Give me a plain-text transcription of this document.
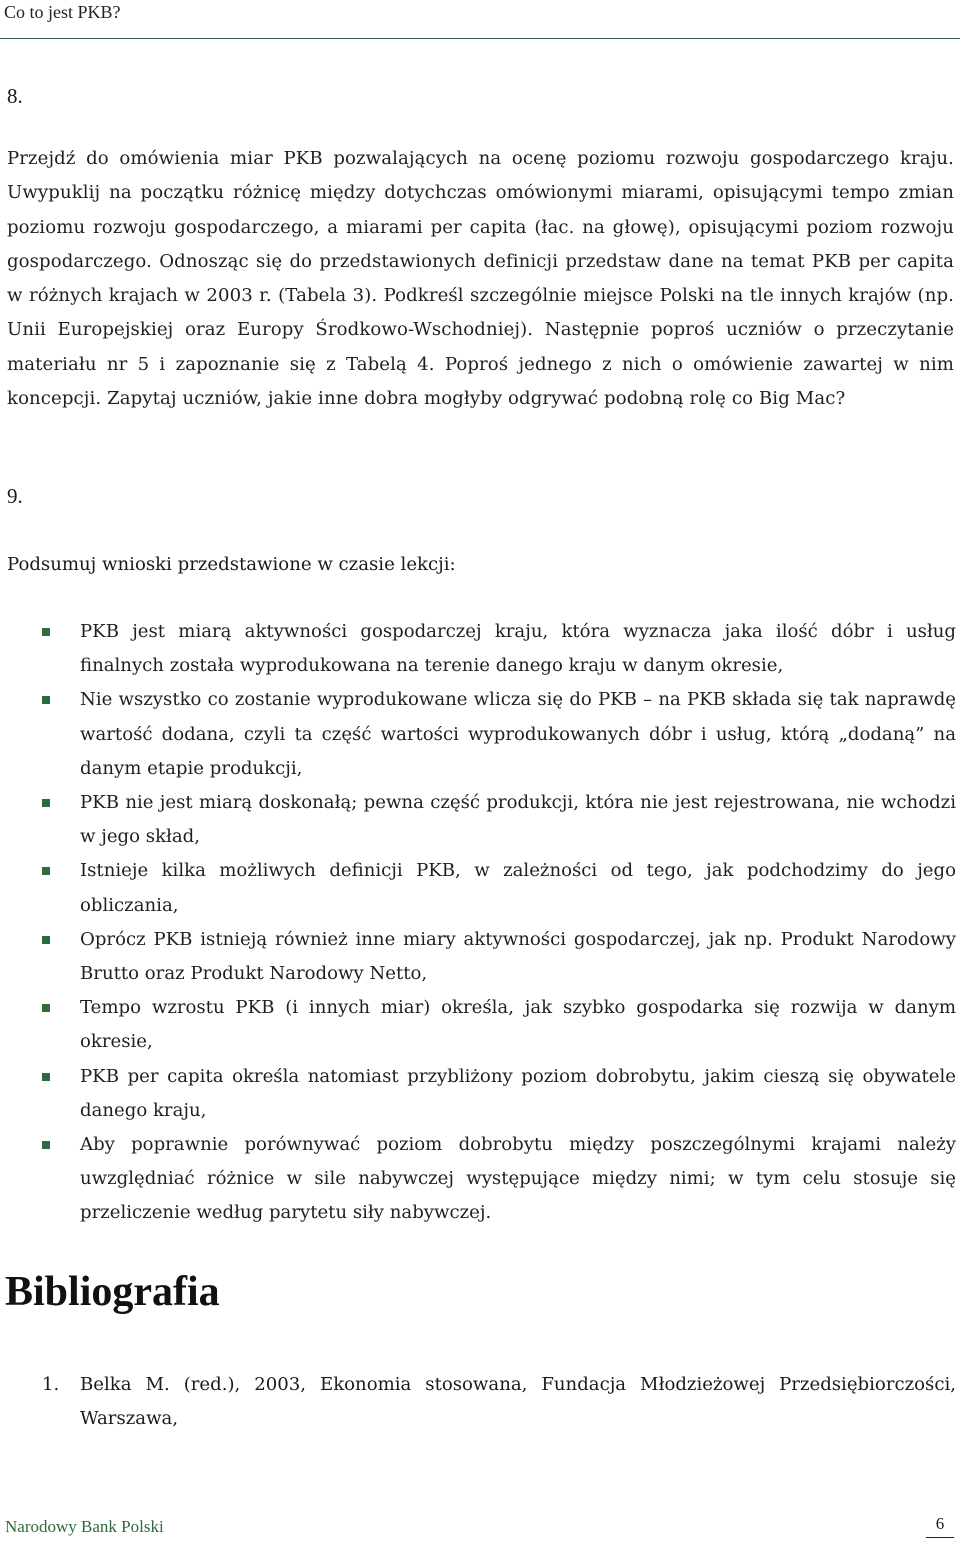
Co to jest PKB?
8.

Przejdź do omówienia miar PKB pozwalających na ocenę poziomu rozwoju gospodarczego kraju. Uwypuklij na początku różnicę między dotychczas omówionymi miarami, opisującymi tempo zmian poziomu rozwoju gospodarczego, a miarami per capita (łac. na głowę), opisującymi poziom rozwoju gospodarczego. Odnosząc się do przedstawionych definicji przedstaw dane na temat PKB per capita w różnych krajach w 2003 r. (Tabela 3). Podkreśl szczególnie miejsce Polski na tle innych krajów (np. Unii Europejskiej oraz Europy Środkowo-Wschodniej). Następnie poproś uczniów o przeczytanie materiału nr 5 i zapoznanie się z Tabelą 4. Poproś jednego z nich o omówienie zawartej w nim koncepcji. Zapytaj uczniów, jakie inne dobra mogłyby odgrywać podobną rolę co Big Mac?

9.
Podsumuj wnioski przedstawione w czasie lekcji:
PKB jest miarą aktywności gospodarczej kraju, która wyznacza jaka ilość dóbr i usług finalnych została wyprodukowana na terenie danego kraju w danym okresie,
Nie wszystko co zostanie wyprodukowane wlicza się do PKB – na PKB składa się tak naprawdę wartość dodana, czyli ta część wartości wyprodukowanych dóbr i usług, którą „dodaną” na danym etapie produkcji,
PKB nie jest miarą doskonałą; pewna część produkcji, która nie jest rejestrowana, nie wchodzi w jego skład,
Istnieje kilka możliwych definicji PKB, w zależności od tego, jak podchodzimy do jego obliczania,
Oprócz PKB istnieją również inne miary aktywności gospodarczej, jak np. Produkt Narodowy Brutto oraz Produkt Narodowy Netto,
Tempo wzrostu PKB (i innych miar) określa, jak szybko gospodarka się rozwija w danym okresie,
PKB per capita określa natomiast przybliżony poziom dobrobytu, jakim cieszą się obywatele danego kraju,
Aby poprawnie porównywać poziom dobrobytu między poszczególnymi krajami należy uwzględniać różnice w sile nabywczej występujące między nimi; w tym celu stosuje się przeliczenie według parytetu siły nabywczej.
Bibliografia
1. Belka M. (red.), 2003, Ekonomia stosowana, Fundacja Młodzieżowej Przedsiębiorczości, Warszawa,
Narodowy Bank Polski	6
